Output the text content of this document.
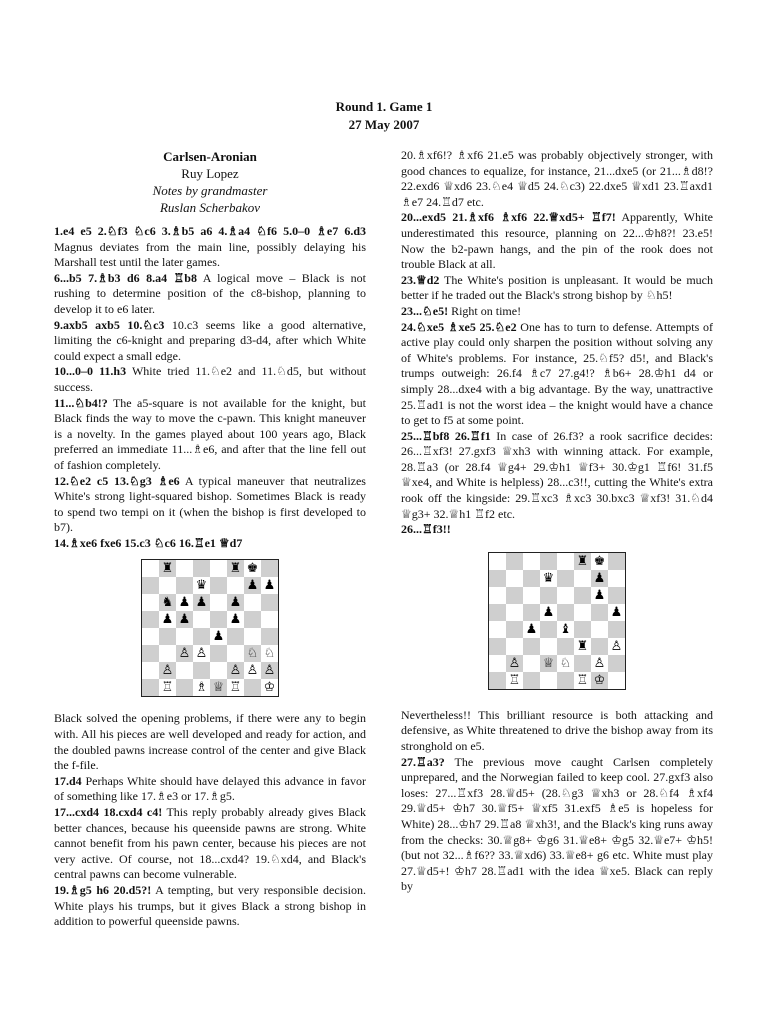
Round 1. Game 1
27 May 2007
Carlsen-Aronian
Ruy Lopez
Notes by grandmaster
Ruslan Scherbakov

1.e4 e5 2.♘f3 ♘c6 3.♗b5 a6 4.♗a4 ♘f6 5.0–0 ♗e7 6.d3 Magnus deviates from the main line, possibly delaying his Marshall test until the later games.

6...b5 7.♗b3 d6 8.a4 ♖b8 A logical move – Black is not rushing to determine position of the c8-bishop, planning to develop it to e6 later.

9.axb5 axb5 10.♘c3 10.c3 seems like a good alternative, limiting the c6-knight and preparing d3-d4, after which White could expect a small edge.

10...0–0 11.h3 White tried 11.♘e2 and 11.♘d5, but without success.

11...♘b4!? The a5-square is not available for the knight, but Black finds the way to move the c-pawn. This knight maneuver is a novelty. In the games played about 100 years ago, Black preferred an immediate 11...♗e6, and after that the line fell out of fashion completely.

12.♘e2 c5 13.♘g3 ♗e6 A typical maneuver that neutralizes White's strong light-squared bishop. Sometimes Black is ready to spend two tempi on it (when the bishop is first developed to b7).

14.♗xe6 fxe6 15.c3 ♘c6 16.♖e1 ♕d7

♜	♜ ♚
♛	♟ ♟
♞ ♟ ♟ ♟
♟ ♟	♟
♟
♙ ♙	♘ ♘
♙	♙ ♙ ♙
♖ ♗ ♕ ♖ ♔

Black solved the opening problems, if there were any to begin with. All his pieces are well developed and ready for action, and the doubled pawns increase control of the center and give Black the f-file.

17.d4 Perhaps White should have delayed this advance in favor of something like 17.♗e3 or 17.♗g5.

17...cxd4 18.cxd4 c4! This reply probably already gives Black better chances, because his queenside pawns are strong. White cannot benefit from his pawn center, because his pieces are not very active. Of course, not 18...cxd4? 19.♘xd4, and Black's central pawns can become vulnerable.

19.♗g5 h6 20.d5?! A tempting, but very responsible decision. White plays his trumps, but it gives Black a strong bishop in addition to powerful queenside pawns.

20.♗xf6!? ♗xf6 21.e5 was probably objectively stronger, with good chances to equalize, for instance, 21...dxe5 (or 21...♗d8!? 22.exd6 ♕xd6 23.♘e4 ♕d5 24.♘c3) 22.dxe5 ♕xd1 23.♖axd1 ♗e7 24.♖d7 etc.

20...exd5 21.♗xf6 ♗xf6 22.♕xd5+ ♖f7! Apparently, White underestimated this resource, planning on 22...♔h8?! 23.e5! Now the b2-pawn hangs, and the pin of the rook does not trouble Black at all.

23.♕d2 The White's position is unpleasant. It would be much better if he traded out the Black's strong bishop by ♘h5!

23...♘e5! Right on time!

24.♘xe5 ♗xe5 25.♘e2 One has to turn to defense. Attempts of active play could only sharpen the position without solving any of White's problems. For instance, 25.♘f5? d5!, and Black's trumps outweigh: 26.f4 ♗c7 27.g4!? ♗b6+ 28.♔h1 d4 or simply 28...dxe4 with a big advantage. By the way, unattractive 25.♖ad1 is not the worst idea – the knight would have a chance to get to f5 at some point.

25...♖bf8 26.♖f1 In case of 26.f3? a rook sacrifice decides: 26...♖xf3! 27.gxf3 ♕xh3 with winning attack. For example, 28.♖a3 (or 28.f4 ♕g4+ 29.♔h1 ♕f3+ 30.♔g1 ♖f6! 31.f5 ♕xe4, and White is helpless) 28...c3!!, cutting the White's extra rook off the kingside: 29.♖xc3 ♗xc3 30.bxc3 ♕xf3! 31.♘d4 ♕g3+ 32.♕h1 ♖f2 etc.

26...♖f3!!

♜ ♚
♛	♟
♟
♟	♟
♟ ♝
♜ ♙
♙ ♕ ♘ ♙
♖	♖ ♔

Nevertheless!! This brilliant resource is both attacking and defensive, as White threatened to drive the bishop away from its stronghold on e5.

27.♖a3? The previous move caught Carlsen completely unprepared, and the Norwegian failed to keep cool. 27.gxf3 also loses: 27...♖xf3 28.♕d5+ (28.♘g3 ♕xh3 or 28.♘f4 ♗xf4 29.♕d5+ ♔h7 30.♕f5+ ♕xf5 31.exf5 ♗e5 is hopeless for White) 28...♔h7 29.♖a8 ♕xh3!, and the Black's king runs away from the checks: 30.♕g8+ ♔g6 31.♕e8+ ♔g5 32.♕e7+ ♔h5! (but not 32...♗f6?? 33.♕xd6) 33.♕e8+ g6 etc. White must play 27.♕d5+! ♔h7 28.♖ad1 with the idea ♕xe5. Black can reply by
